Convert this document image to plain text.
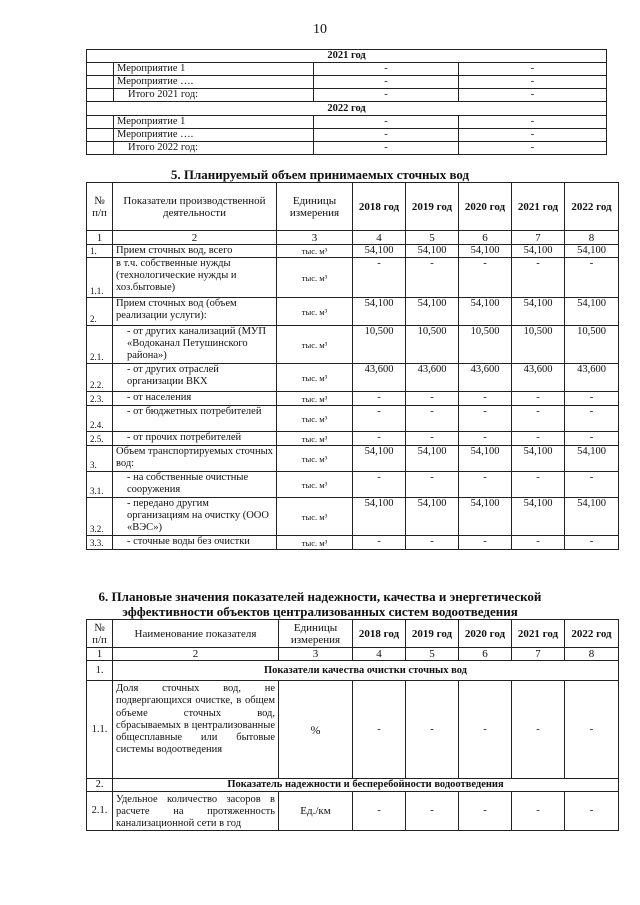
10
2021 год			
	Мероприятие 1	-	-
	Мероприятие ….	-	-
	Итого 2021 год:	-	-
2022 год			
	Мероприятие 1	-	-
	Мероприятие ….	-	-
	Итого 2022 год:	-	-
5. Планируемый объем принимаемых сточных вод
№ п/п	Показатели производственной деятельности	Единицы измерения	2018 год	2019 год	2020 год	2021 год	2022 год
1	2	3	4	5	6	7	8
1.	Прием сточных вод, всего	тыс. м³	54,100	54,100	54,100	54,100	54,100
1.1.	в т.ч. собственные нужды (технологические нужды и хоз.бытовые)	тыс. м³	-	-	-	-	-
2.	Прием сточных вод (объем реализации услуги):	тыс. м³	54,100	54,100	54,100	54,100	54,100
2.1.	- от других канализаций (МУП «Водоканал Петушинского района»)	тыс. м³	10,500	10,500	10,500	10,500	10,500
2.2.	- от других отраслей организации ВКХ	тыс. м³	43,600	43,600	43,600	43,600	43,600
2.3.	- от населения	тыс. м³	-	-	-	-	-
2.4.	- от бюджетных потребителей	тыс. м³	-	-	-	-	-
2.5.	- от прочих потребителей	тыс. м³	-	-	-	-	-
3.	Объем транспортируемых сточных вод:	тыс. м³	54,100	54,100	54,100	54,100	54,100
3.1.	- на собственные очистные сооружения	тыс. м³	-	-	-	-	-
3.2.	- передано другим организациям на очистку (ООО «ВЭС»)	тыс. м³	54,100	54,100	54,100	54,100	54,100
3.3.	- сточные воды без очистки	тыс. м³	-	-	-	-	-
6. Плановые значения показателей надежности, качества и энергетической
эффективности объектов централизованных систем водоотведения
№ п/п	Наименование показателя	Единицы измерения	2018 год	2019 год	2020 год	2021 год	2022 год
1	2	3	4	5	6	7	8
1.	Показатели качества очистки сточных вод						
1.1.	Доля сточных вод, не подвергающихся очистке, в общем объеме сточных вод, сбрасываемых в централизованные общесплавные или бытовые системы водоотведения	%	-	-	-	-	-
2.	Показатель надежности и бесперебойности водоотведения						
2.1.	Удельное количество засоров в расчете на протяженность канализационной сети в год	Ед./км	-	-	-	-	-
